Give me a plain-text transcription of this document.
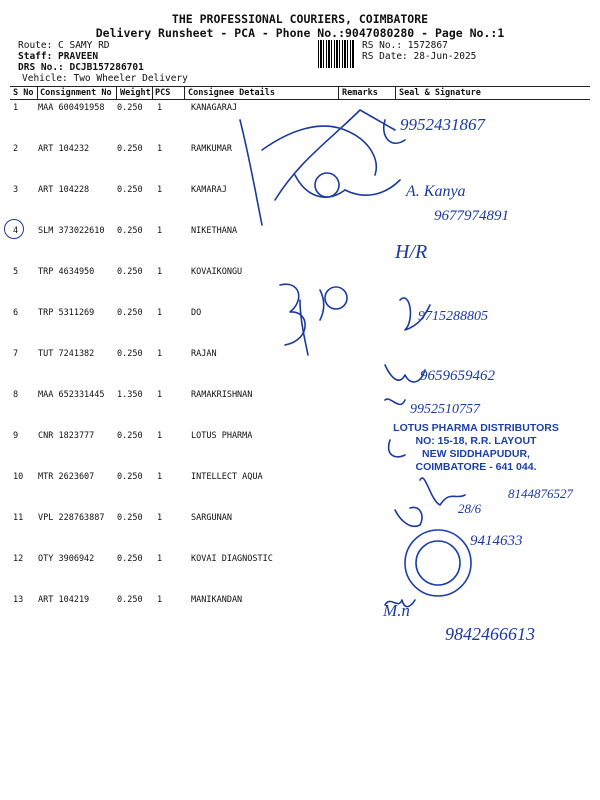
THE PROFESSIONAL COURIERS, COIMBATORE
Delivery Runsheet - PCA - Phone No.:9047080280 - Page No.:1
Route: C SAMY RD
Staff: PRAVEEN
DRS No.: DCJB157286701
Vehicle: Two Wheeler Delivery
RS No.: 1572867
RS Date: 28-Jun-2025
S No Consignment No Weight PCS Consignee Details	Remarks Seal & Signature
1 MAA 600491958 0.250 1	KANAGARAJ
2 ART 104232	0.250 1	RAMKUMAR
3 ART 104228	0.250 1	KAMARAJ
4 SLM 373022610 0.250 1	NIKETHANA
5 TRP 4634950	0.250 1	KOVAIKONGU
6 TRP 5311269	0.250 1	DO
7 TUT 7241382	0.250 1	RAJAN
8 MAA 652331445 1.350 1	RAMAKRISHNAN
9 CNR 1823777	0.250 1	LOTUS PHARMA
10 MTR 2623607	0.250 1	INTELLECT AQUA
11 VPL 228763887 0.250 1	SARGUNAN
12 OTY 3906942	0.250 1	KOVAI DIAGNOSTIC
13 ART 104219	0.250 1	MANIKANDAN
9952431867
A. Kanya
9677974891
H/R
9715288805
9659659462
9952510757
8144876527
28/6
9414633
M.n
9842466613
LOTUS PHARMA DISTRIBUTORS
NO: 15-18, R.R. LAYOUT
NEW SIDDHAPUDUR,
COIMBATORE - 641 044.
